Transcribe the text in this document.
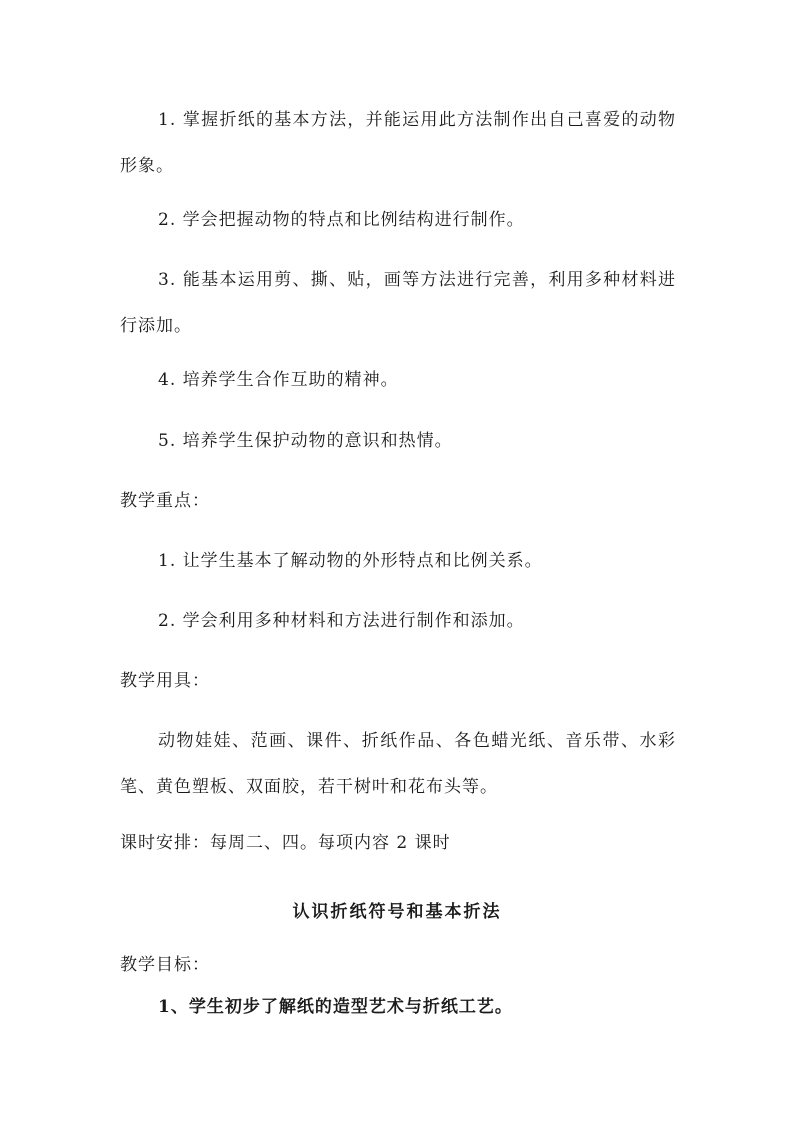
1. 掌握折纸的基本方法，并能运用此方法制作出自己喜爱的动物形象。
2. 学会把握动物的特点和比例结构进行制作。
3. 能基本运用剪、撕、贴，画等方法进行完善，利用多种材料进行添加。
4. 培养学生合作互助的精神。
5. 培养学生保护动物的意识和热情。
教学重点：
1. 让学生基本了解动物的外形特点和比例关系。
2. 学会利用多种材料和方法进行制作和添加。
教学用具：
动物娃娃、范画、课件、折纸作品、各色蜡光纸、音乐带、水彩笔、黄色塑板、双面胶，若干树叶和花布头等。
课时安排：每周二、四。每项内容 2 课时
认识折纸符号和基本折法
教学目标：
1、学生初步了解纸的造型艺术与折纸工艺。
